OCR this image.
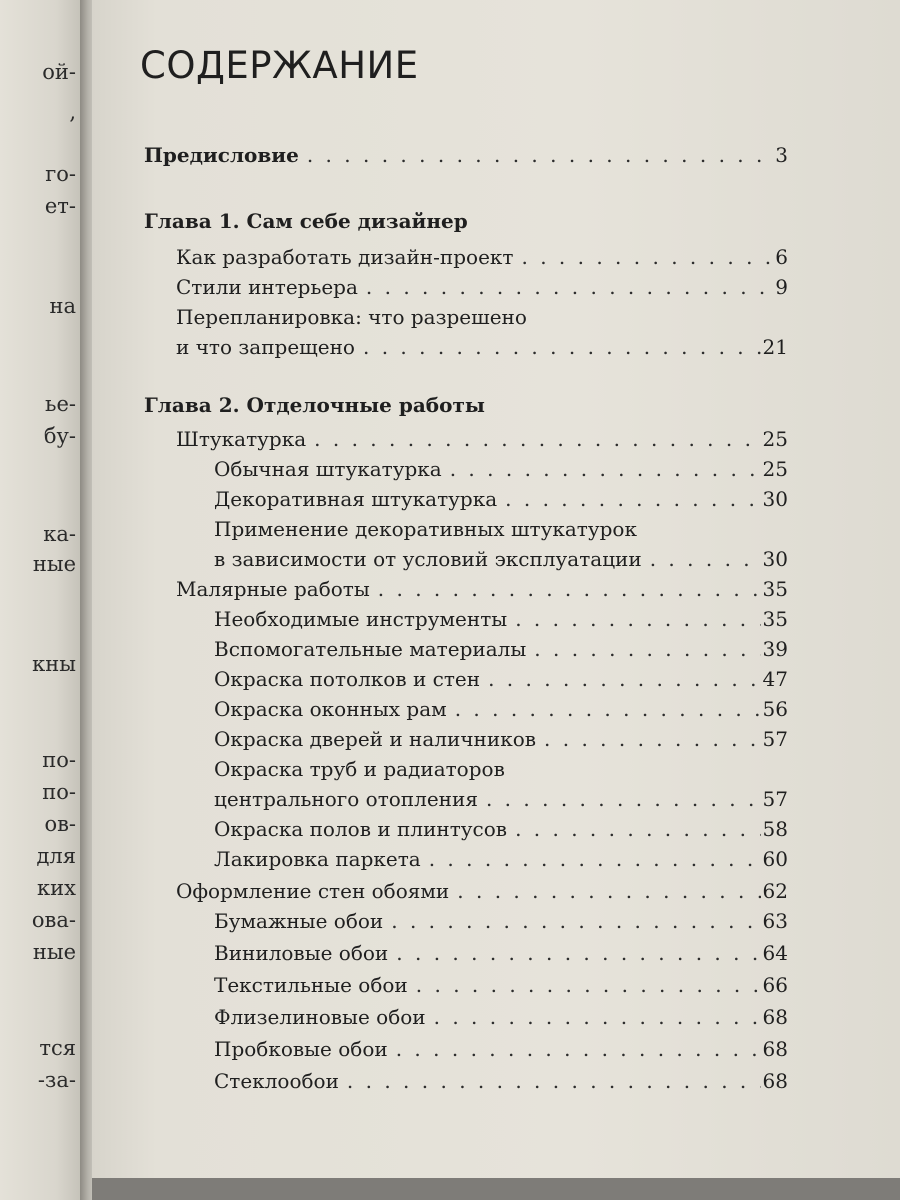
ой-
,
го-
ет-
на
ье-
бу-
ка-
ные
кны
по-
по-
ов-
для
ких
ова-
ные
тся
-за-
СОДЕРЖАНИЕ
Предисловие . . .	3
Глава 1. Сам себе дизайнер
Как разработать дизайн-проект . . .	6
Стили интерьера . . .	9
Перепланировка: что разрешено
и что запрещено . . .	21
Глава 2. Отделочные работы
Штукатурка . . .	25
Обычная штукатурка . . .	25
Декоративная штукатурка . . .	30
Применение декоративных штукатурок
в зависимости от условий эксплуатации . . .	30
Малярные работы . . .	35
Необходимые инструменты . . .	35
Вспомогательные материалы . . .	39
Окраска потолков и стен . . .	47
Окраска оконных рам . . .	56
Окраска дверей и наличников . . .	57
Окраска труб и радиаторов
центрального отопления . . .	57
Окраска полов и плинтусов . . .	58
Лакировка паркета . . .	60
Оформление стен обоями . . .	62
Бумажные обои . . .	63
Виниловые обои . . .	64
Текстильные обои . . .	66
Флизелиновые обои . . .	68
Пробковые обои . . .	68
Стеклообои . . .	68
